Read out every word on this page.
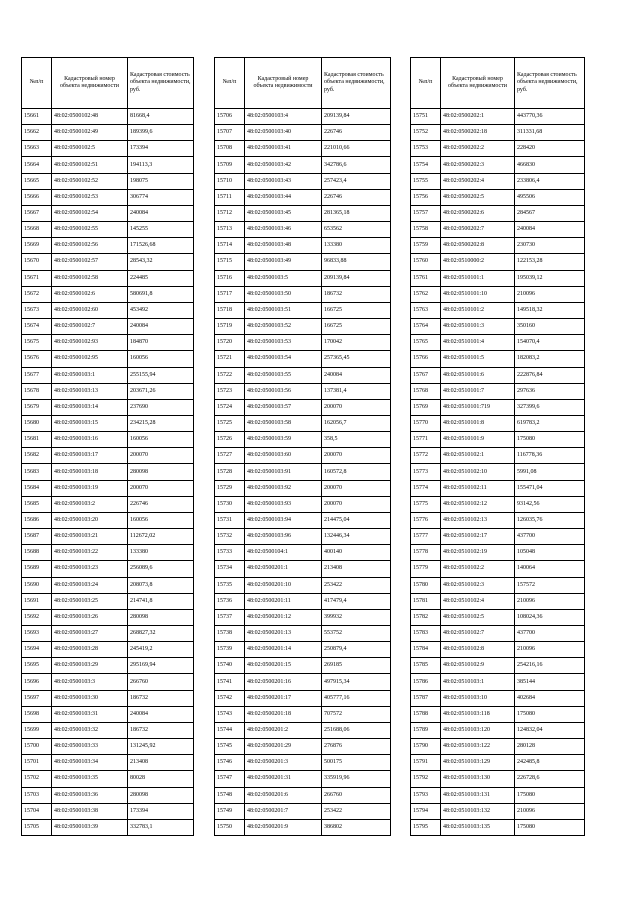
№п/п	Кадастровый номер объекта недвижимости	Кадастровая стоимость объекта недвижимости, руб.
15661	48:02:0500102:48	81668,4
15662	48:02:0500102:49	189399,6
15663	48:02:0500102:5	173394
15664	48:02:0500102:51	194113,3
15665	48:02:0500102:52	198075
15666	48:02:0500102:53	306774
15667	48:02:0500102:54	240084
15668	48:02:0500102:55	145255
15669	48:02:0500102:56	171526,68
15670	48:02:0500102:57	28543,32
15671	48:02:0500102:58	224485
15672	48:02:0500102:6	580691,8
15673	48:02:0500102:60	453492
15674	48:02:0500102:7	240084
15675	48:02:0500102:93	184870
15676	48:02:0500102:95	160056
15677	48:02:0500103:1	255155,94
15678	48:02:0500103:13	203671,26
15679	48:02:0500103:14	237690
15680	48:02:0500103:15	234215,28
15681	48:02:0500103:16	160056
15682	48:02:0500103:17	200070
15683	48:02:0500103:18	280098
15684	48:02:0500103:19	200070
15685	48:02:0500103:2	226746
15686	48:02:0500103:20	160056
15687	48:02:0500103:21	112672,02
15688	48:02:0500103:22	133380
15689	48:02:0500103:23	256089,6
15690	48:02:0500103:24	208073,8
15691	48:02:0500103:25	214741,8
15692	48:02:0500103:26	280098
15693	48:02:0500103:27	268827,32
15694	48:02:0500103:28	245419,2
15695	48:02:0500103:29	295169,94
15696	48:02:0500103:3	266760
15697	48:02:0500103:30	186732
15698	48:02:0500103:31	240084
15699	48:02:0500103:32	186732
15700	48:02:0500103:33	131245,92
15701	48:02:0500103:34	213408
15702	48:02:0500103:35	80028
15703	48:02:0500103:36	280098
15704	48:02:0500103:38	173394
15705	48:02:0500103:39	332783,1
№п/п	Кадастровый номер объекта недвижимости	Кадастровая стоимость объекта недвижимости, руб.
15706	48:02:0500103:4	209139,84
15707	48:02:0500103:40	226746
15708	48:02:0500103:41	221010,66
15709	48:02:0500103:42	342786,6
15710	48:02:0500103:43	257423,4
15711	48:02:0500103:44	226746
15712	48:02:0500103:45	281365,18
15713	48:02:0500103:46	653562
15714	48:02:0500103:48	133380
15715	48:02:0500103:49	96833,88
15716	48:02:0500103:5	209139,84
15717	48:02:0500103:50	186732
15718	48:02:0500103:51	166725
15719	48:02:0500103:52	166725
15720	48:02:0500103:53	170042
15721	48:02:0500103:54	257365,45
15722	48:02:0500103:55	240084
15723	48:02:0500103:56	137381,4
15724	48:02:0500103:57	200070
15725	48:02:0500103:58	162056,7
15726	48:02:0500103:59	358,5
15727	48:02:0500103:60	200070
15728	48:02:0500103:91	160572,8
15729	48:02:0500103:92	200070
15730	48:02:0500103:93	200070
15731	48:02:0500103:94	214475,04
15732	48:02:0500103:96	132446,34
15733	48:02:0500104:1	400140
15734	48:02:0500201:1	213408
15735	48:02:0500201:10	253422
15736	48:02:0500201:11	417479,4
15737	48:02:0500201:12	399932
15738	48:02:0500201:13	553752
15739	48:02:0500201:14	250879,4
15740	48:02:0500201:15	269185
15741	48:02:0500201:16	497915,34
15742	48:02:0500201:17	405777,16
15743	48:02:0500201:18	707572
15744	48:02:0500201:2	251688,06
15745	48:02:0500201:29	276876
15746	48:02:0500201:3	500175
15747	48:02:0500201:31	335919,96
15748	48:02:0500201:6	266760
15749	48:02:0500201:7	253422
15750	48:02:0500201:9	386802
№п/п	Кадастровый номер объекта недвижимости	Кадастровая стоимость объекта недвижимости, руб.
15751	48:02:0500202:1	443770,36
15752	48:02:0500202:18	311331,68
15753	48:02:0500202:2	228420
15754	48:02:0500202:3	466830
15755	48:02:0500202:4	233806,4
15756	48:02:0500202:5	495506
15757	48:02:0500202:6	284567
15758	48:02:0500202:7	240084
15759	48:02:0500202:8	230730
15760	48:02:0510000:2	122153,28
15761	48:02:0510101:1	195039,12
15762	48:02:0510101:10	210096
15763	48:02:0510101:2	149518,32
15764	48:02:0510101:3	350160
15765	48:02:0510101:4	154070,4
15766	48:02:0510101:5	182083,2
15767	48:02:0510101:6	222876,84
15768	48:02:0510101:7	297636
15769	48:02:0510101:719	327399,6
15770	48:02:0510101:8	619783,2
15771	48:02:0510101:9	175080
15772	48:02:0510102:1	116778,36
15773	48:02:0510102:10	5991,08
15774	48:02:0510102:11	155471,04
15775	48:02:0510102:12	93142,56
15776	48:02:0510102:13	126035,76
15777	48:02:0510102:17	437700
15778	48:02:0510102:19	105048
15779	48:02:0510102:2	140064
15780	48:02:0510102:3	157572
15781	48:02:0510102:4	210096
15782	48:02:0510102:5	108024,36
15783	48:02:0510102:7	437700
15784	48:02:0510102:8	210096
15785	48:02:0510102:9	254216,16
15786	48:02:0510103:1	385144
15787	48:02:0510103:10	402684
15788	48:02:0510103:118	175080
15789	48:02:0510103:120	124832,04
15790	48:02:0510103:122	280128
15791	48:02:0510103:129	242485,8
15792	48:02:0510103:130	226728,6
15793	48:02:0510103:131	175080
15794	48:02:0510103:132	210096
15795	48:02:0510103:135	175080
